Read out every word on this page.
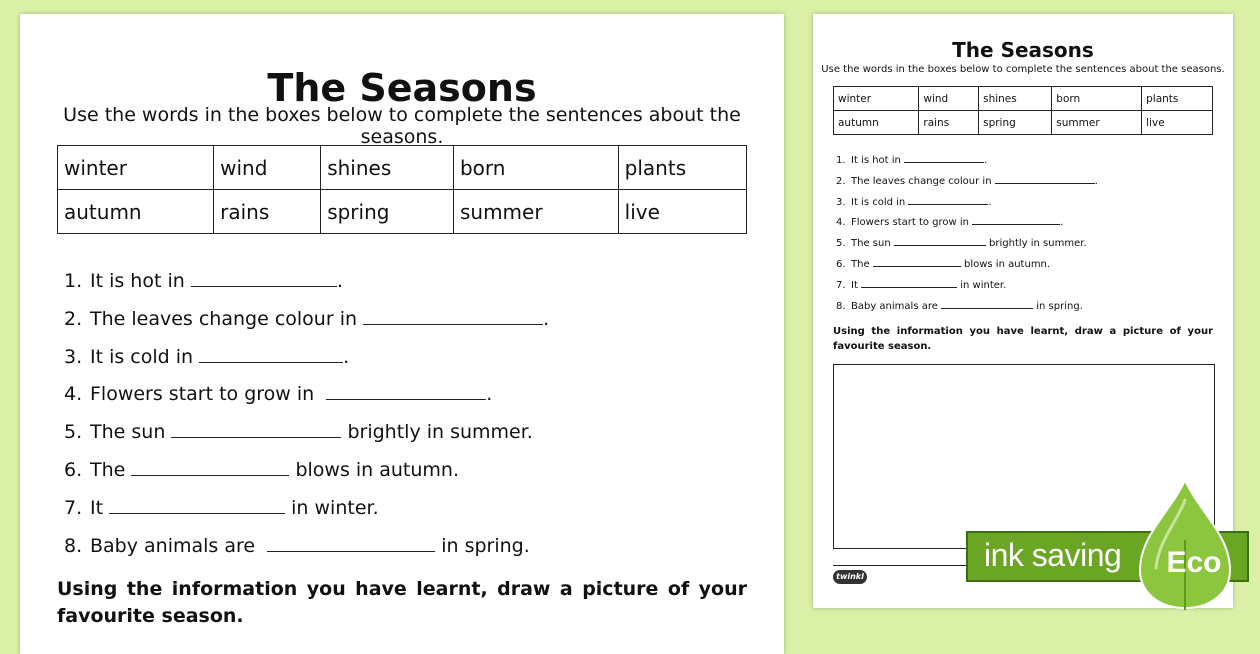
The Seasons
Use the words in the boxes below to complete the sentences about the seasons.
winter	wind	shines	born	plants
autumn	rains	spring	summer	live
1. It is hot in	.
2. The leaves change colour in	.
3. It is cold in	.
4. Flowers start to grow in	.
5. The sun	brightly in summer.
6. The	blows in autumn.
7. It	in winter.
8. Baby animals are	in spring.
Using the information you have learnt, draw a picture of your favourite season.
The Seasons
Use the words in the boxes below to complete the sentences about the seasons.
winter	wind	shines	born	plants
autumn	rains	spring	summer	live
1. It is hot in	.
2. The leaves change colour in	.
3. It is cold in	.
4. Flowers start to grow in	.
5. The sun	brightly in summer.
6. The	blows in autumn.
7. It	in winter.
8. Baby animals are	in spring.
Using the information you have learnt, draw a picture of your favourite season.
twinkl
ink saving Eco
